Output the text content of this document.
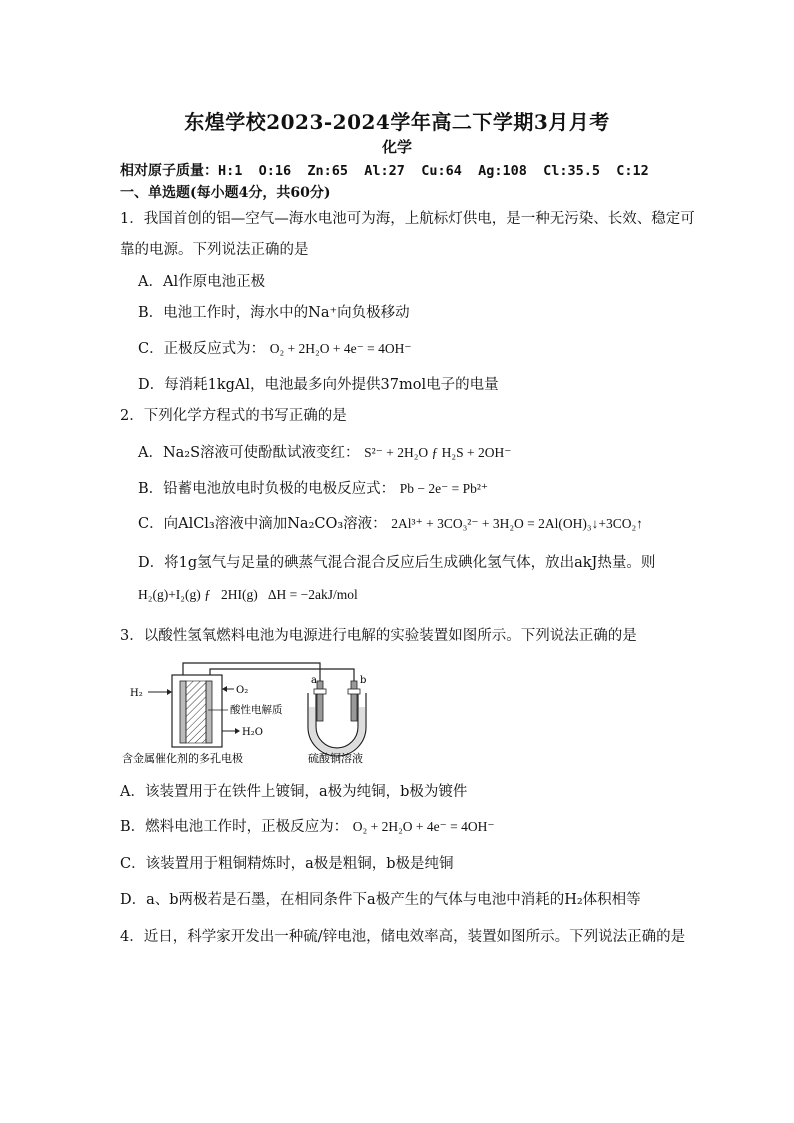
东煌学校2023-2024学年高二下学期3月月考
化学
相对原子质量：H:1  O:16  Zn:65  Al:27  Cu:64  Ag:108  Cl:35.5  C:12
一、单选题(每小题4分，共60分)
1．我国首创的铝—空气—海水电池可为海，上航标灯供电，是一种无污染、长效、稳定可
靠的电源。下列说法正确的是
A．Al作原电池正极
B．电池工作时，海水中的Na⁺向负极移动
C．正极反应式为： O₂ + 2H₂O + 4e⁻ = 4OH⁻
D．每消耗1kgAl，电池最多向外提供37mol电子的电量
2．下列化学方程式的书写正确的是
A．Na₂S溶液可使酚酞试液变红： S²⁻ + 2H₂O ƒ H₂S + 2OH⁻
B．铅蓄电池放电时负极的电极反应式： Pb − 2e⁻ = Pb²⁺
C．向AlCl₃溶液中滴加Na₂CO₃溶液： 2Al³⁺ + 3CO₃²⁻ + 3H₂O = 2Al(OH)₃↓+3CO₂↑
D．将1g氢气与足量的碘蒸气混合混合反应后生成碘化氢气体，放出akJ热量。则
H₂(g)+I₂(g) ƒ   2HI(g)   ΔH = −2akJ/mol
3．以酸性氢氧燃料电池为电源进行电解的实验装置如图所示。下列说法正确的是
H₂	O₂
酸性电解质
H₂O
含金属催化剂的多孔电极
a	b
硫酸铜溶液
A．该装置用于在铁件上镀铜，a极为纯铜，b极为镀件
B．燃料电池工作时，正极反应为： O₂ + 2H₂O + 4e⁻ = 4OH⁻
C．该装置用于粗铜精炼时，a极是粗铜，b极是纯铜
D．a、b两极若是石墨，在相同条件下a极产生的气体与电池中消耗的H₂体积相等
4．近日，科学家开发出一种硫/锌电池，储电效率高，装置如图所示。下列说法正确的是
